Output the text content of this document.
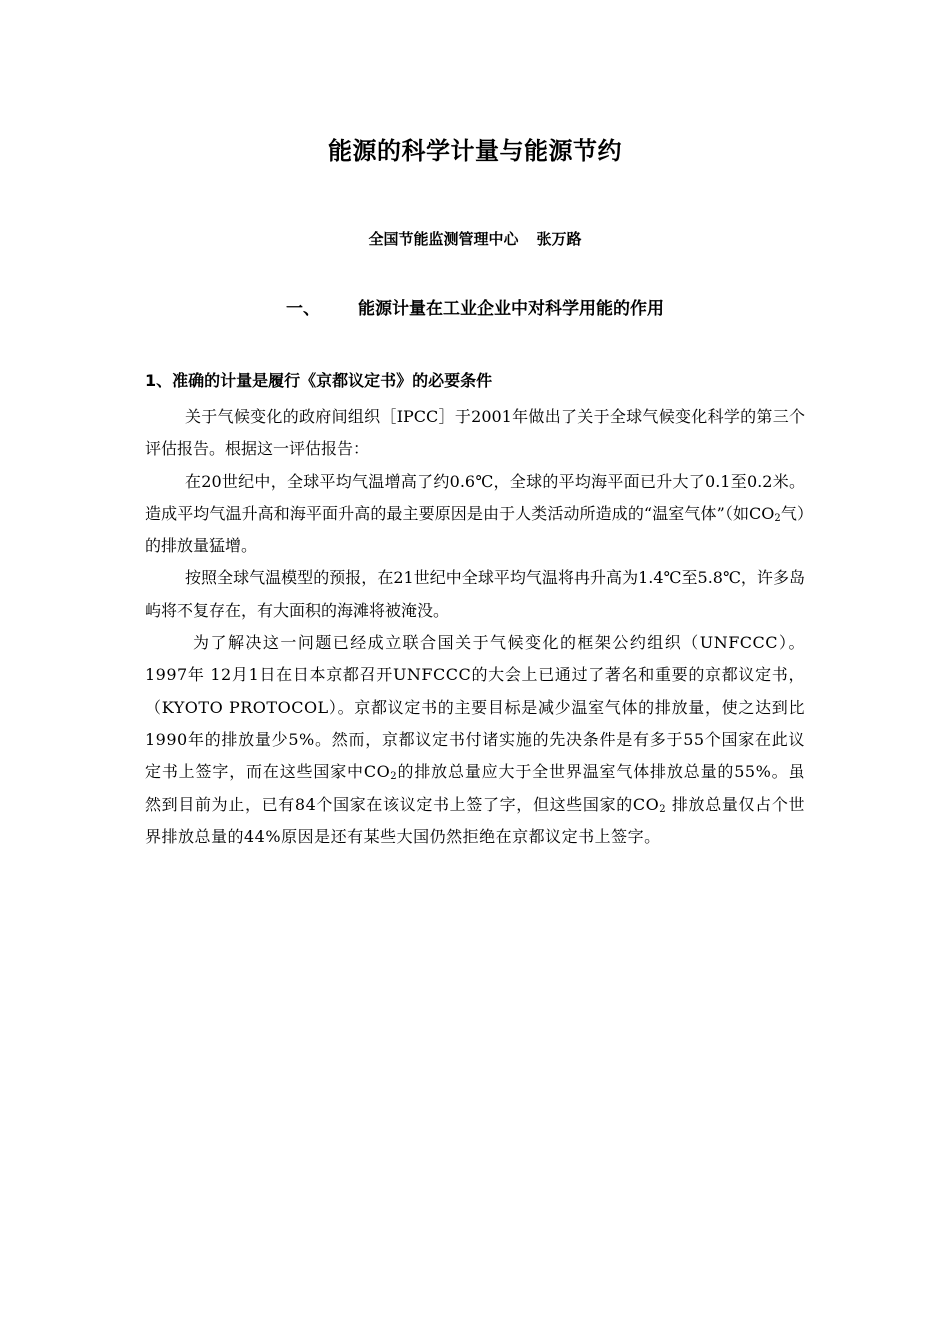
能源的科学计量与能源节约
全国节能监测管理中心 张万路
一、 能源计量在工业企业中对科学用能的作用
1、准确的计量是履行《京都议定书》的必要条件

关于气候变化的政府间组织［IPCC］于2001年做出了关于全球气候变化科学的第三个评估报告。根据这一评估报告：

在20世纪中，全球平均气温增高了约0.6℃，全球的平均海平面已升大了0.1至0.2米。造成平均气温升高和海平面升高的最主要原因是由于人类活动所造成的“温室气体”（如$CO_2$气）的排放量猛增。

按照全球气温模型的预报，在21世纪中全球平均气温将冉升高为1.4℃至5.8℃，许多岛屿将不复存在，有大面积的海滩将被淹没。

为了解决这一问题已经成立联合国关于气候变化的框架公约组织（UNFCCC）。1997年 12月1日在日本京都召开UNFCCC的大会上已通过了著名和重要的京都议定书，（KYOTO PROTOCOL）。京都议定书的主要目标是减少温室气体的排放量，使之达到比1990年的排放量少5%。然而，京都议定书付诸实施的先决条件是有多于55个国家在此议定书上签字，而在这些国家中$CO_2$的排放总量应大于全世界温室气体排放总量的55%。虽然到目前为止，已有84个国家在该议定书上签了字，但这些国家的$CO_2$ 排放总量仅占个世界排放总量的44%原因是还有某些大国仍然拒绝在京都议定书上签字。
